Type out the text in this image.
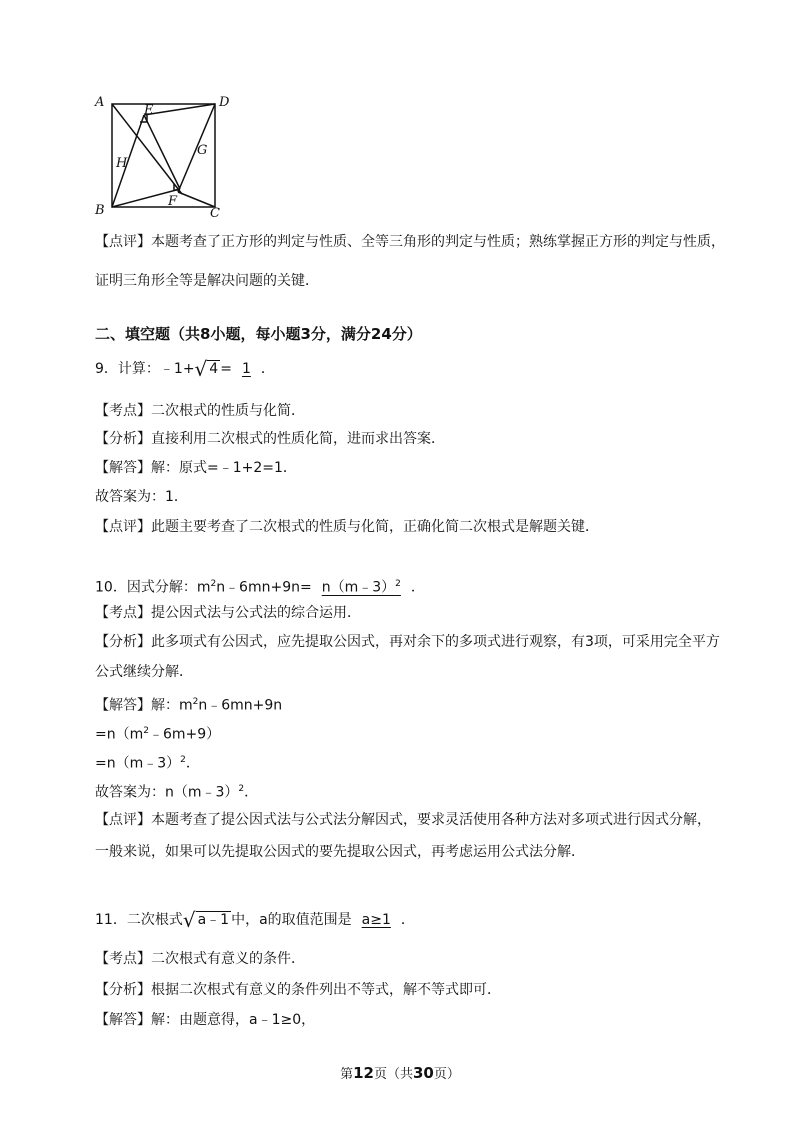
A	D
E
G
H
B
F
C
【点评】本题考查了正方形的判定与性质、全等三角形的判定与性质；熟练掌握正方形的判定与性质，
证明三角形全等是解决问题的关键．
二、填空题（共8小题，每小题3分，满分24分）
9．计算：﹣1+√ 4 = 1 ．
【考点】二次根式的性质与化简．
【分析】直接利用二次根式的性质化简，进而求出答案．
【解答】解：原式=﹣1+2=1．
故答案为：1．
【点评】此题主要考查了二次根式的性质与化简，正确化简二次根式是解题关键．
10．因式分解：$m^2n﹣6mn+9n=$ n（m﹣3）$^2$ ．
【考点】提公因式法与公式法的综合运用．
【分析】此多项式有公因式，应先提取公因式，再对余下的多项式进行观察，有3项，可采用完全平方
公式继续分解．
【解答】解：$m^2n﹣6mn+9n$
$=n(m^2﹣6m+9)$
=n（m﹣3）$^2$．
故答案为：n（m﹣3）$^2$．
【点评】本题考查了提公因式法与公式法分解因式，要求灵活使用各种方法对多项式进行因式分解，
一般来说，如果可以先提取公因式的要先提取公因式，再考虑运用公式法分解．
11．二次根式√ a﹣1 中，a的取值范围是 a≥1 ．
【考点】二次根式有意义的条件．
【分析】根据二次根式有意义的条件列出不等式，解不等式即可．
【解答】解：由题意得，a﹣1≥0，
第12页（共30页）
